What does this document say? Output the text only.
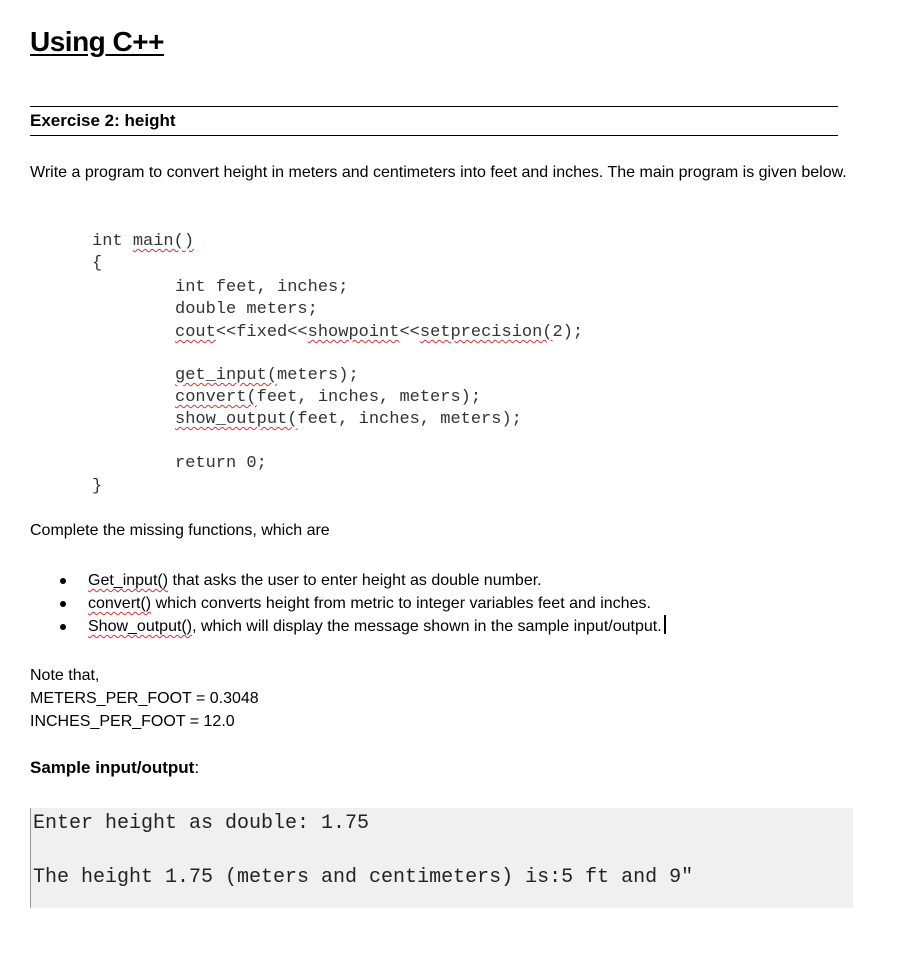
Using C++
Exercise 2: height
Write a program to convert height in meters and centimeters into feet and inches. The main program is given below.
int main()
{
int feet, inches;
double meters;
cout<<fixed<<showpoint<<setprecision(2);
get_input(meters);
convert(feet, inches, meters);
show_output(feet, inches, meters);
return 0;
}
Complete the missing functions, which are
Get_input() that asks the user to enter height as double number.
convert() which converts height from metric to integer variables feet and inches.
Show_output(), which will display the message shown in the sample input/output.
Note that,
METERS_PER_FOOT = 0.3048
INCHES_PER_FOOT = 12.0
Sample input/output:
Enter height as double: 1.75
The height 1.75 (meters and centimeters) is:5 ft and 9"
